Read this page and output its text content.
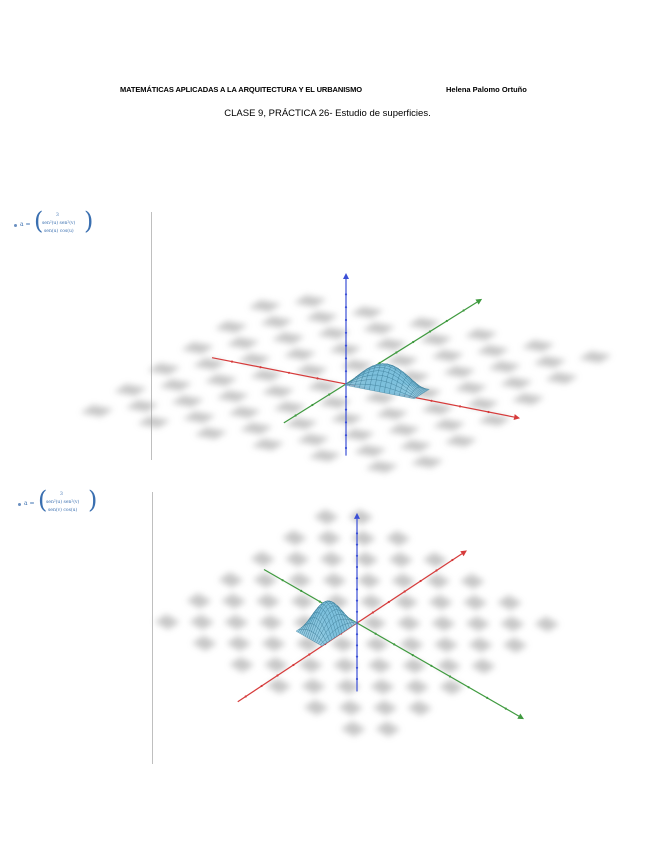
MATEMÁTICAS APLICADAS A LA ARQUITECTURA Y EL URBANISMO	Helena Palomo Ortuño
CLASE 9, PRÁCTICA 26- Estudio de superficies.
a = (	3
sen²(u) sen²(v)
sen(u) cos(u) )
a = (	3
sen²(u) sen²(v)
sen(v) cos(u) )
